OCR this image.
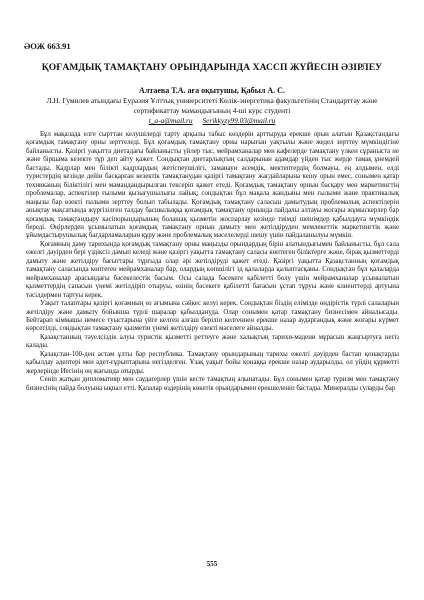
ӘОЖ 663.91
ҚОҒАМДЫҚ ТАМАҚТАНУ ОРЫНДАРЫНДА ХАССП ЖҮЙЕСІН ӘЗІРЛЕУ
Алтаева Т.А. аға оқытушы, Қабыл А. С.
Л.Н. Гумилев атындағы Еуразия Ұлттық университеті Көлік-энергетика факультетінің Стандарттау және сертификаттау мамандығының 4-ші курс студенті
t_a-a@mail.ru Serikkyzy99.03@mail.ru

Бұл мақалада елге сырттан келушілерді тарту арқылы табыс көздерін арттыруда ерекше орын алатын Қазақстандағы қоғамдық тамақтану орны зерттеледі. Бұл қоғамдық тамақтану орны нарығын уақтылы және жедел зерттеу мүмкіндігіне байланысты. Қазіргі уақытта диетадағы байланысты үйлер тыс, мейрамханалар мен кафелерде тамақтану үлкен сұраныста не және біршама кезекте тұр деп айту қажет. Сондықтан диетарлықтың салдарынан адамдар үйден тыс жерде тамақ ұнемдей бастады. Кадрлар мен білікті кадрлардың жетіспеушілігі, заманауи әсемдік, мектептердің болмауы, ең алдымен, елді туристердің кезінде дейін басқарған кезектік тамақтанудан қазіргі тамақтану жағдайларына кешу орын емес, сонымен қатар техниканың біліктілігі мен мамандандырылған тексеріп қажет етеді. Қоғамдық тамақтану орнын басқару мен маркетингтің проблемалар, аспектілер ғылыми қызығушылығы лайық; сондықтан бұл мақала жандыны мен ғылыми және практикалық маңызы бар өзекті ғылыми зерттеу болып табылады. Қоғамдық тамақтану саласын дамытудың проблемалық аспектілерін анықтау мақсатында жүргізілген талдау басшылыққа қоғамдық тамақтану орнында пайдалы алтауы жоғары жұмыскерлер бар қоғамдық тамақтандыру кәсіпорындарының болашақ қызметін жоспарлау кезінде тиімді шешімдер қабылдауға мүмкіндік береді. Өңірлерден ұсынылатын қоғамдық тамақтану орнын дамыту мен жетілдіруден мемлекеттік маркетингтік және ұйымдастырушылық бағдарламаларын құру және проблемалық мәселелерді шешу үшін пайдаланылуы мүмкін.

Қоғамның даму тарихында қоғамдық тамақтану орны маңызды орындардың бірін алатындығымен байланысты, бұл сала ежелгі дәуірден бері үздіксіз дамып келеді және қазіргі уақытта тамақтану саласы көптеген біліктерге және, бірақ қызметтерді дамыту және жетілдіру бағыттары тұрғыда олар әрі жетілдіруді қажет етеді. Қазіргі уақытта Қазақстанның қоғамдық тамақтану саласында көптеген мейрамханалар бар, олардың көпшілігі зд қалаларда қалыптасқаны. Сондықтан бұл қалаларда мейрамханалар арасындағы бәсекелестік басым. Осы салада бәсекеге қабілетті болу үшін мейрамханалар ұсынылатын қызметтердің сапасын үнемі жетілдіріп отыруы, өзінің бәсекеге қабілетті бағасын ұстап тұруы және клиенттерді артуына тәсілдермен тартуы керек.

Уақыт талаптары қазіргі қоғамның өз ағымына сәйкес келуі керек. Сондықтан біздің елімізде өндірістік түрлі салаларын жетілдіру және дамыту бойынша түрлі шаралар қабылдануда. Олар сонымен қатар тамақтану бизнесімен айналысады. Бейтарап кіммашы немесе туыстарына үйге келген алғаш беріліп келгеннен ерекше назар аударғандық және жоғары күрмет көрсетілді, сондықтан тамақтану қызметін үнемі жетілдіру өзекті мәселеге айналды.

Қазақстанның тәуелсіздік алуы туристік қызметті реттеуге және халықтың тарихи-мәдени мұрасын жаңғыртуға негіз қалады.

Қазақстан-100-ден астам ұлты бар республика. Тамақтану орындарының тарихы ежелгі дәуірден бастап қонақтарды қабылдау әдептері мен әдет-ғұрыптарына негізделген. Ұзақ уақыт бойы қонаққа ерекше назар аударылды, ол үйдің құрметті жерлерінде Иесінің оң жағында отырды.

Сеніп жатқан дипломатияр мен саудагерлер үшін кесте тамақтың алынатады. Бұл сонымен қатар туризм мен тамақтану бизнесінің пайда болуына ықпал етті. Қалалар өздерінің көкетік орындарымен ерекшеленіп бастады. Минералды суларды бар

555
